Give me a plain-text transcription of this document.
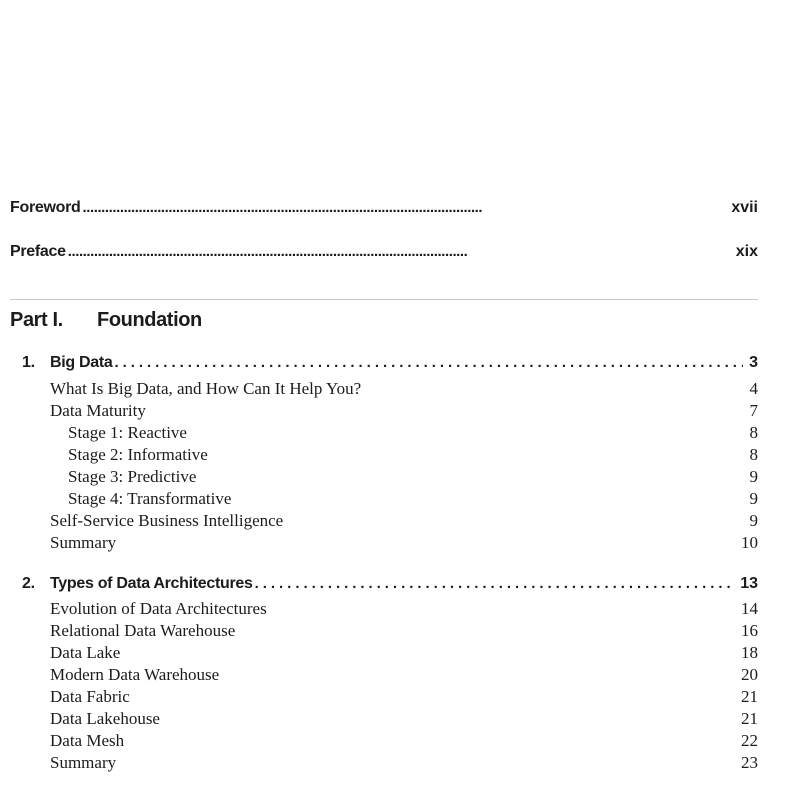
Foreword . . .	xvii
Preface . . .	xix
Part I. Foundation
1. Big Data . . .	3
What Is Big Data, and How Can It Help You?	4
Data Maturity	7
Stage 1: Reactive	8
Stage 2: Informative	8
Stage 3: Predictive	9
Stage 4: Transformative	9
Self-Service Business Intelligence	9
Summary	10
2. Types of Data Architectures . . .	13
Evolution of Data Architectures	14
Relational Data Warehouse	16
Data Lake	18
Modern Data Warehouse	20
Data Fabric	21
Data Lakehouse	21
Data Mesh	22
Summary	23
